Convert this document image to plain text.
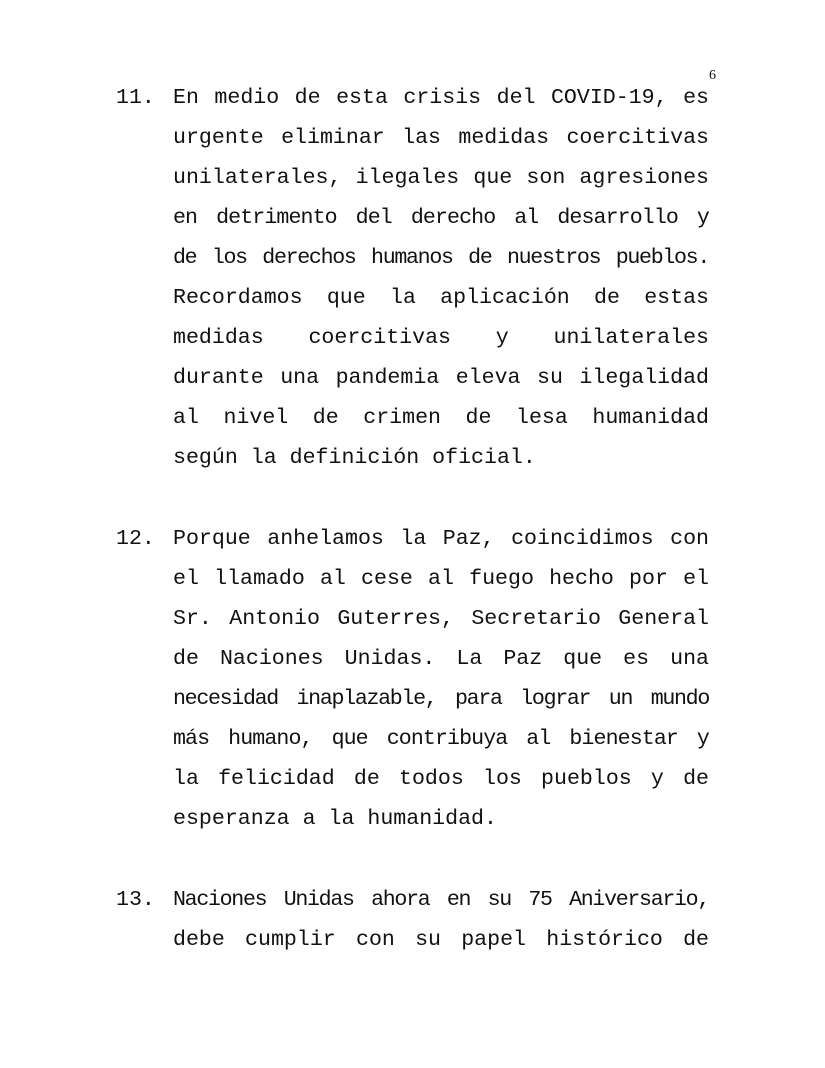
6
11. En medio de esta crisis del COVID-19, es
urgente eliminar las medidas coercitivas
unilaterales, ilegales que son agresiones
en detrimento del derecho al desarrollo y
de los derechos humanos de nuestros pueblos.
Recordamos que la aplicación de estas
medidas coercitivas y unilaterales
durante una pandemia eleva su ilegalidad
al nivel de crimen de lesa humanidad
según la definición oficial.
12. Porque anhelamos la Paz, coincidimos con
el llamado al cese al fuego hecho por el
Sr. Antonio Guterres, Secretario General
de Naciones Unidas. La Paz que es una
necesidad inaplazable, para lograr un mundo
más humano, que contribuya al bienestar y
la felicidad de todos los pueblos y de
esperanza a la humanidad.
13. Naciones Unidas ahora en su 75 Aniversario,
debe cumplir con su papel histórico de
